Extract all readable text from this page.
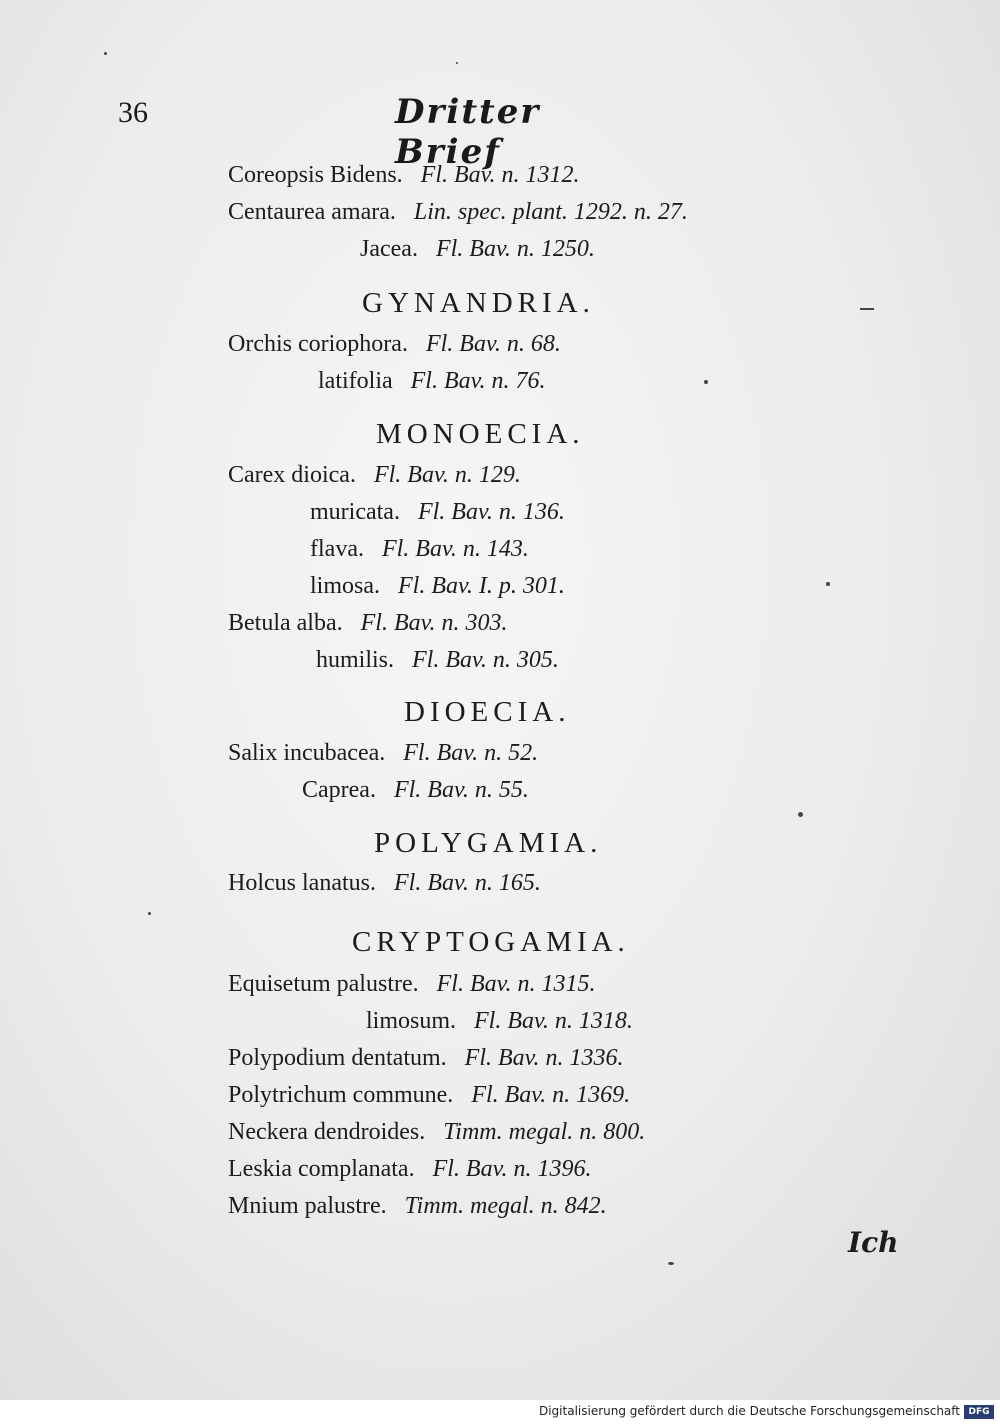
36	Dritter Brief
Coreopsis Bidens. Fl. Bav. n. 1312.
Centaurea amara. Lin. spec. plant. 1292. n. 27.
Jacea. Fl. Bav. n. 1250.
GYNANDRIA.
Orchis coriophora. Fl. Bav. n. 68.
latifolia Fl. Bav. n. 76.
MONOECIA.
Carex dioica. Fl. Bav. n. 129.
muricata. Fl. Bav. n. 136.
flava. Fl. Bav. n. 143.
limosa. Fl. Bav. I. p. 301.
Betula alba. Fl. Bav. n. 303.
humilis. Fl. Bav. n. 305.
DIOECIA.
Salix incubacea. Fl. Bav. n. 52.
Caprea. Fl. Bav. n. 55.
POLYGAMIA.
Holcus lanatus. Fl. Bav. n. 165.
CRYPTOGAMIA.
Equisetum palustre. Fl. Bav. n. 1315.
limosum. Fl. Bav. n. 1318.
Polypodium dentatum. Fl. Bav. n. 1336.
Polytrichum commune. Fl. Bav. n. 1369.
Neckera dendroides. Timm. megal. n. 800.
Leskia complanata. Fl. Bav. n. 1396.
Mnium palustre. Timm. megal. n. 842.
Ich
Digitalisierung gefördert durch die Deutsche Forschungsgemeinschaft DFG
